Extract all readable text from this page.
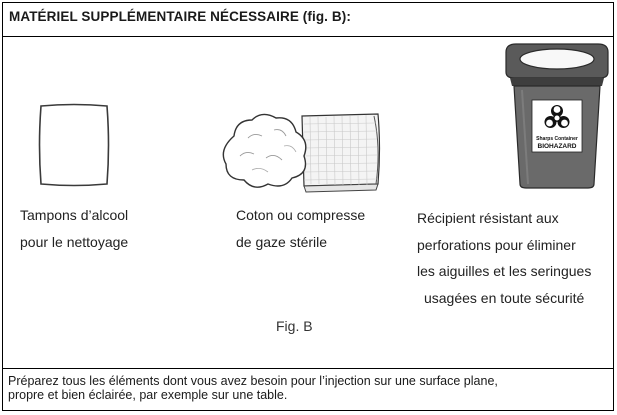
MATÉRIEL SUPPLÉMENTAIRE NÉCESSAIRE (fig. B):
Préparez tous les éléments dont vous avez besoin pour l’injection sur une surface plane,
propre et bien éclairée, par exemple sur une table.
Sharps Container
BIOHAZARD
Tampons d’alcool
pour le nettoyage
Coton ou compresse
de gaze stérile
Récipient résistant aux
perforations pour éliminer
les aiguilles et les seringues
usagées en toute sécurité
Fig. B
